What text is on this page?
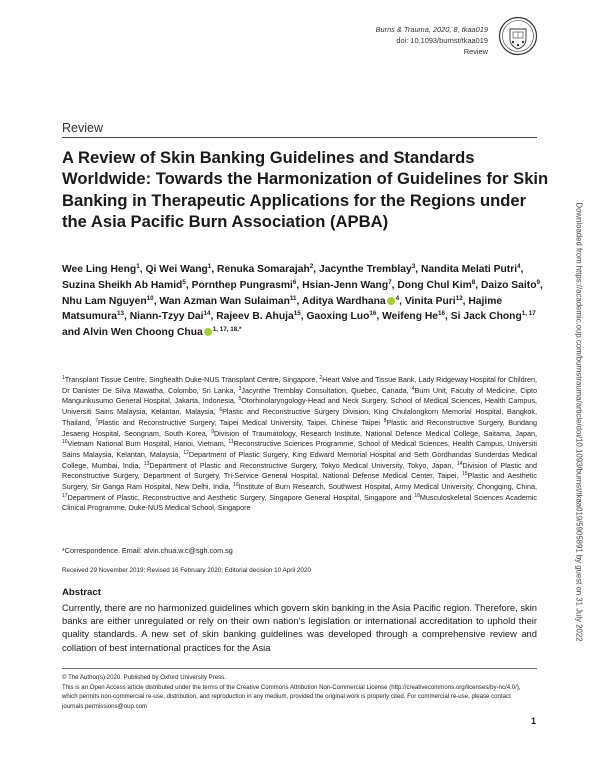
Burns & Trauma, 2020, 8, tkaa019
doi: 10.1093/burnst/tkaa019
Review
Review
A Review of Skin Banking Guidelines and Standards Worldwide: Towards the Harmonization of Guidelines for Skin Banking in Therapeutic Applications for the Regions under the Asia Pacific Burn Association (APBA)
Wee Ling Heng$^1$, Qi Wei Wang$^1$, Renuka Somarajah$^2$, Jacynthe Tremblay$^3$, Nandita Melati Putri$^4$, Suzina Sheikh Ab Hamid$^5$, Pornthep Pungrasmi$^6$, Hsian-Jenn Wang$^7$, Dong Chul Kim$^8$, Daizo Saito$^9$, Nhu Lam Nguyen$^{10}$, Wan Azman Wan Sulaiman$^{11}$, Aditya Wardhana $^4$, Vinita Puri$^{12}$, Hajime Matsumura$^{13}$, Niann-Tzyy Dai$^{14}$, Rajeev B. Ahuja$^{15}$, Gaoxing Luo$^{16}$, Weifeng He$^{16}$, Si Jack Chong$^{1, 17}$ and Alvin Wen Choong Chua $^{1, 17, 18,*}$
$^1$Transplant Tissue Centre, Singhealth Duke-NUS Transplant Centre, Singapore, $^2$Heart Valve and Tissue Bank, Lady Ridgeway Hospital for Children, Dr Danister De Silva Mawatha, Colombo, Sri Lanka, $^3$Jacynthe Tremblay Consultation, Quebec, Canada, $^4$Burn Unit, Faculty of Medicine, Cipto Mangunkusumo General Hospital, Jakarta, Indonesia, $^5$Otorhinolaryngology-Head and Neck Surgery, School of Medical Sciences, Health Campus, Universiti Sains Malaysia, Kelantan, Malaysia, $^6$Plastic and Reconstructive Surgery Division, King Chulalongkorn Memorial Hospital, Bangkok, Thailand, $^7$Plastic and Reconstructive Surgery, Taipei Medical University, Taipei, Chinese Taipei $^8$Plastic and Reconstructive Surgery, Bundang Jesaeng Hospital, Seongnam, South Korea, $^9$Division of Traumatology, Research Institute, National Defence Medical College, Saitama, Japan, $^{10}$Vietnam National Burn Hospital, Hanoi, Vietnam, $^{11}$Reconstructive Sciences Programme, School of Medical Sciences, Health Campus, Universiti Sains Malaysia, Kelantan, Malaysia, $^{12}$Department of Plastic Surgery, King Edward Memorial Hospital and Seth Gordhandas Sunderdas Medical College, Mumbai, India, $^{13}$Department of Plastic and Reconstructive Surgery, Tokyo Medical University, Tokyo, Japan, $^{14}$Division of Plastic and Reconstructive Surgery, Department of Surgery, Tri-Service General Hospital, National Defense Medical Center, Taipei, $^{15}$Plastic and Aesthetic Surgery, Sir Ganga Ram Hospital, New Delhi, India, $^{16}$Institute of Burn Research, Southwest Hospital, Army Medical University, Chongqing, China, $^{17}$Department of Plastic, Reconstructive and Aesthetic Surgery, Singapore General Hospital, Singapore and $^{18}$Musculoskeletal Sciences Academic Clinical Programme, Duke-NUS Medical School, Singapore
*Correspondence. Email: alvin.chua.w.c@sgh.com.sg
Received 29 November 2019; Revised 16 February 2020; Editorial decision 10 April 2020
Abstract
Currently, there are no harmonized guidelines which govern skin banking in the Asia Pacific region. Therefore, skin banks are either unregulated or rely on their own nation's legislation or international accreditation to uphold their quality standards. A new set of skin banking guidelines was developed through a comprehensive review and collation of best international practices for the Asia
© The Author(s) 2020. Published by Oxford University Press.
This is an Open Access article distributed under the terms of the Creative Commons Attribution Non-Commercial License (http://creativecommons.org/licenses/by-nc/4.0/), which permits non-commercial re-use, distribution, and reproduction in any medium, provided the original work is properly cited. For commercial re-use, please contact journals.permissions@oup.com
1
Downloaded from https://academic.oup.com/burnstrauma/article/doi/10.1093/burnst/tkaa019/5905891 by guest on 31 July 2022
